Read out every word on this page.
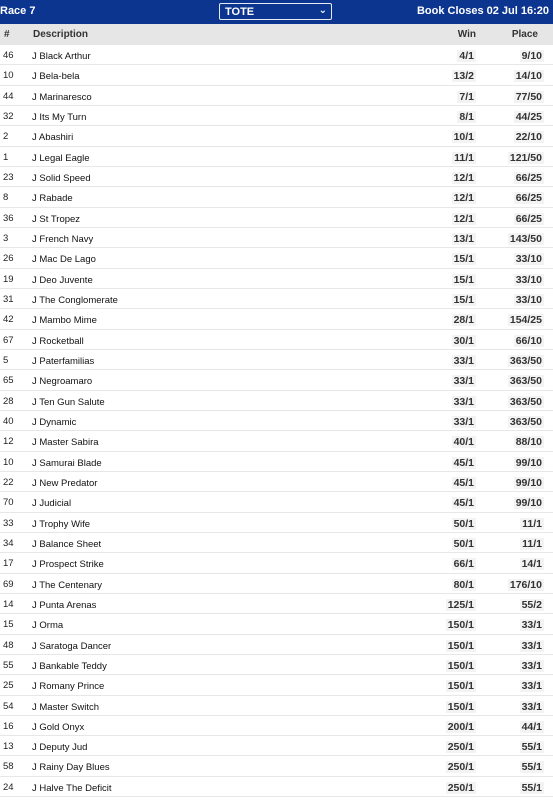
Race 7	TOTE	⌄	Book Closes 02 Jul 16:20
# Description	Win	Place
46 J Black Arthur	4/1	9/10
10 J Bela-bela	13/2	14/10
44 J Marinaresco	7/1	77/50
32 J Its My Turn	8/1	44/25
2 J Abashiri	10/1	22/10
1 J Legal Eagle	11/1	121/50
23 J Solid Speed	12/1	66/25
8 J Rabade	12/1	66/25
36 J St Tropez	12/1	66/25
3 J French Navy	13/1	143/50
26 J Mac De Lago	15/1	33/10
19 J Deo Juvente	15/1	33/10
31 J The Conglomerate	15/1	33/10
42 J Mambo Mime	28/1	154/25
67 J Rocketball	30/1	66/10
5 J Paterfamilias	33/1	363/50
65 J Negroamaro	33/1	363/50
28 J Ten Gun Salute	33/1	363/50
40 J Dynamic	33/1	363/50
12 J Master Sabira	40/1	88/10
10 J Samurai Blade	45/1	99/10
22 J New Predator	45/1	99/10
70 J Judicial	45/1	99/10
33 J Trophy Wife	50/1	11/1
34 J Balance Sheet	50/1	11/1
17 J Prospect Strike	66/1	14/1
69 J The Centenary	80/1	176/10
14 J Punta Arenas	125/1	55/2
15 J Orma	150/1	33/1
48 J Saratoga Dancer	150/1	33/1
55 J Bankable Teddy	150/1	33/1
25 J Romany Prince	150/1	33/1
54 J Master Switch	150/1	33/1
16 J Gold Onyx	200/1	44/1
13 J Deputy Jud	250/1	55/1
58 J Rainy Day Blues	250/1	55/1
24 J Halve The Deficit	250/1	55/1
